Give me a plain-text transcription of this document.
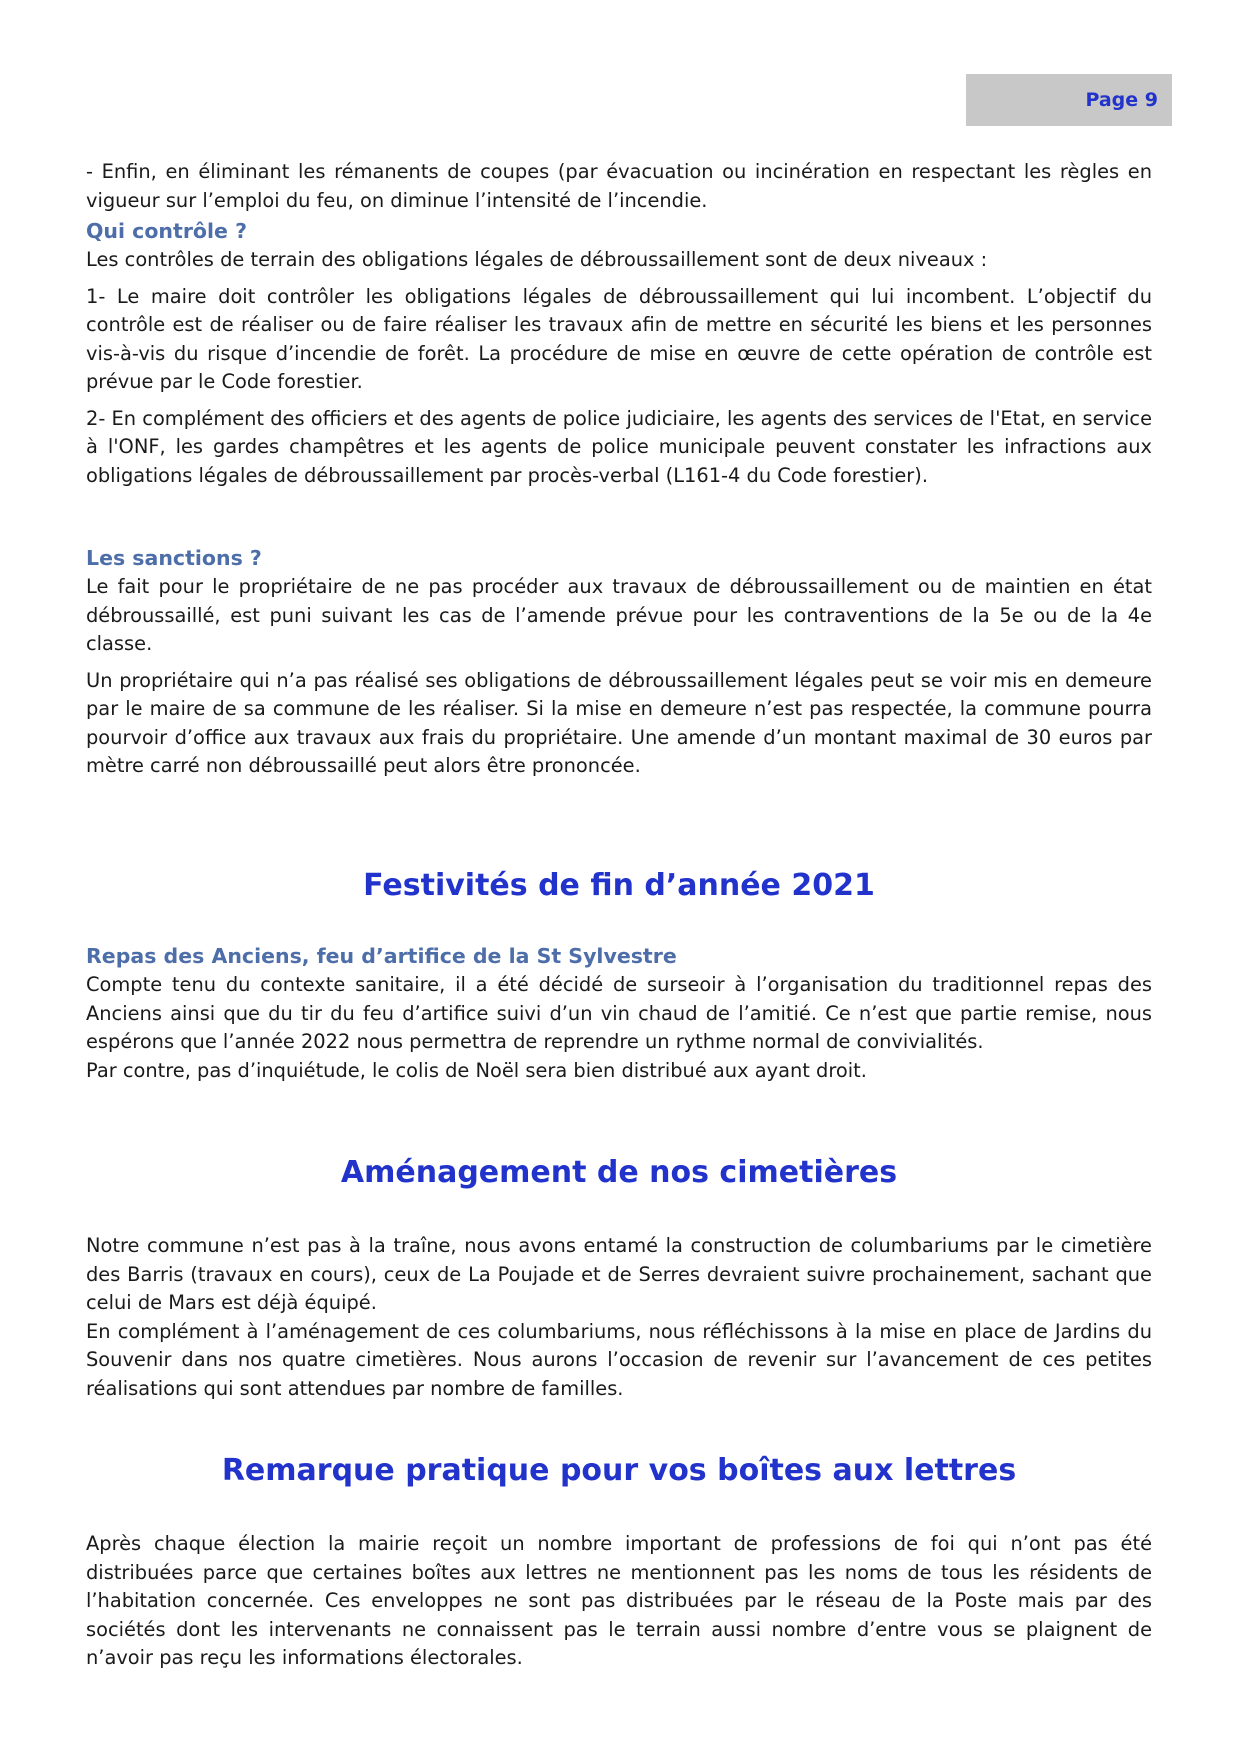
Page 9

- Enfin, en éliminant les rémanents de coupes (par évacuation ou incinération en respectant les règles en vigueur sur l’emploi du feu, on diminue l’intensité de l’incendie.

Qui contrôle ?

Les contrôles de terrain des obligations légales de débroussaillement sont de deux niveaux :

1- Le maire doit contrôler les obligations légales de débroussaillement qui lui incombent. L’objectif du contrôle est de réaliser ou de faire réaliser les travaux afin de mettre en sécurité les biens et les personnes vis-à-vis du risque d’incendie de forêt. La procédure de mise en œuvre de cette opération de contrôle est prévue par le Code forestier.

2- En complément des officiers et des agents de police judiciaire, les agents des services de l'Etat, en service à l'ONF, les gardes champêtres et les agents de police municipale peuvent constater les infractions aux obligations légales de débroussaillement par procès-verbal (L161-4 du Code forestier).

Les sanctions ?

Le fait pour le propriétaire de ne pas procéder aux travaux de débroussaillement ou de maintien en état débroussaillé, est puni suivant les cas de l’amende prévue pour les contraventions de la 5e ou de la 4e classe.

Un propriétaire qui n’a pas réalisé ses obligations de débroussaillement légales peut se voir mis en demeure par le maire de sa commune de les réaliser. Si la mise en demeure n’est pas respectée, la commune pourra pourvoir d’office aux travaux aux frais du propriétaire. Une amende d’un montant maximal de 30 euros par mètre carré non débroussaillé peut alors être prononcée.

Festivités de fin d’année 2021
Repas des Anciens, feu d’artifice de la St Sylvestre

Compte tenu du contexte sanitaire, il a été décidé de surseoir à l’organisation du traditionnel repas des Anciens ainsi que du tir du feu d’artifice suivi d’un vin chaud de l’amitié. Ce n’est que partie remise, nous espérons que l’année 2022 nous permettra de reprendre un rythme normal de convivialités.

Par contre, pas d’inquiétude, le colis de Noël sera bien distribué aux ayant droit.

Aménagement de nos cimetières

Notre commune n’est pas à la traîne, nous avons entamé la construction de columbariums par le cimetière des Barris (travaux en cours), ceux de La Poujade et de Serres devraient suivre prochainement, sachant que celui de Mars est déjà équipé.

En complément à l’aménagement de ces columbariums, nous réfléchissons à la mise en place de Jardins du Souvenir dans nos quatre cimetières. Nous aurons l’occasion de revenir sur l’avancement de ces petites réalisations qui sont attendues par nombre de familles.

Remarque pratique pour vos boîtes aux lettres

Après chaque élection la mairie reçoit un nombre important de professions de foi qui n’ont pas été distribuées parce que certaines boîtes aux lettres ne mentionnent pas les noms de tous les résidents de l’habitation concernée. Ces enveloppes ne sont pas distribuées par le réseau de la Poste mais par des sociétés dont les intervenants ne connaissent pas le terrain aussi nombre d’entre vous se plaignent de n’avoir pas reçu les informations électorales.
